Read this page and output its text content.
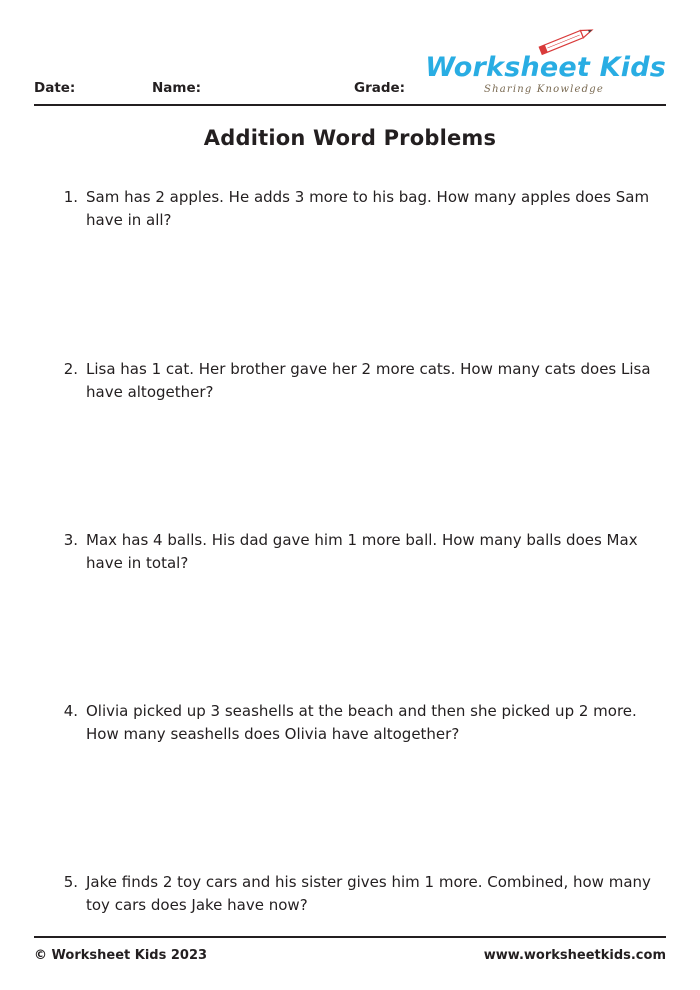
Worksheet Kids
Sharing Knowledge
Date:	Name:	Grade:
Addition Word Problems
1. Sam has 2 apples. He adds 3 more to his bag. How many apples does Sam have in all?
2. Lisa has 1 cat. Her brother gave her 2 more cats. How many cats does Lisa have altogether?
3. Max has 4 balls. His dad gave him 1 more ball. How many balls does Max have in total?
4. Olivia picked up 3 seashells at the beach and then she picked up 2 more. How many seashells does Olivia have altogether?
5. Jake finds 2 toy cars and his sister gives him 1 more. Combined, how many toy cars does Jake have now?
© Worksheet Kids 2023	www.worksheetkids.com
